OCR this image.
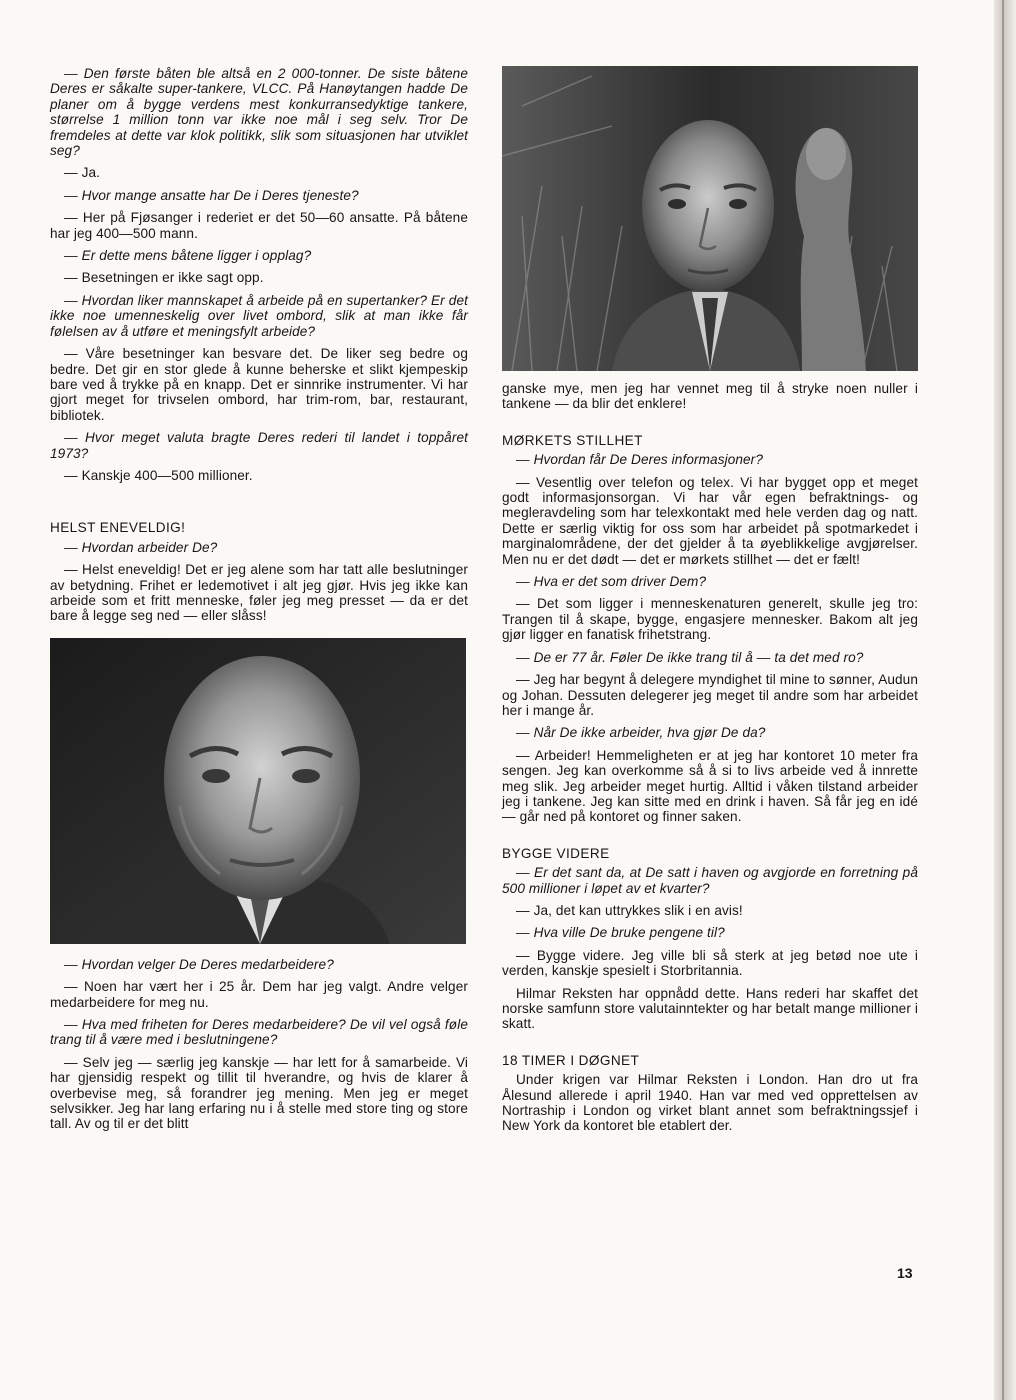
— Den første båten ble altså en 2 000-tonner. De siste båtene Deres er såkalte super-tankere, VLCC. På Hanøytangen hadde De planer om å bygge verdens mest konkurransedyktige tankere, størrelse 1 million tonn var ikke noe mål i seg selv. Tror De fremdeles at dette var klok politikk, slik som situasjonen har utviklet seg?

— Ja.

— Hvor mange ansatte har De i Deres tjeneste?

— Her på Fjøsanger i rederiet er det 50—60 ansatte. På båtene har jeg 400—500 mann.

— Er dette mens båtene ligger i opplag?

— Besetningen er ikke sagt opp.

— Hvordan liker mannskapet å arbeide på en supertanker? Er det ikke noe umenneskelig over livet ombord, slik at man ikke får følelsen av å utføre et meningsfylt arbeide?

— Våre besetninger kan besvare det. De liker seg bedre og bedre. Det gir en stor glede å kunne beherske et slikt kjempeskip bare ved å trykke på en knapp. Det er sinnrike instrumenter. Vi har gjort meget for trivselen ombord, har trim-rom, bar, restaurant, bibliotek.

— Hvor meget valuta bragte Deres rederi til landet i toppåret 1973?

— Kanskje 400—500 millioner.

HELST ENEVELDIG!

— Hvordan arbeider De?

— Helst eneveldig! Det er jeg alene som har tatt alle beslutninger av betydning. Frihet er ledemotivet i alt jeg gjør. Hvis jeg ikke kan arbeide som et fritt menneske, føler jeg meg presset — da er det bare å legge seg ned — eller slåss!

— Hvordan velger De Deres medarbeidere?

— Noen har vært her i 25 år. Dem har jeg valgt. Andre velger medarbeidere for meg nu.

— Hva med friheten for Deres medarbeidere? De vil vel også føle trang til å være med i beslutningene?

— Selv jeg — særlig jeg kanskje — har lett for å samarbeide. Vi har gjensidig respekt og tillit til hverandre, og hvis de klarer å overbevise meg, så forandrer jeg mening. Men jeg er meget selvsikker. Jeg har lang erfaring nu i å stelle med store ting og store tall. Av og til er det blitt

ganske mye, men jeg har vennet meg til å stryke noen nuller i tankene — da blir det enklere!

MØRKETS STILLHET

— Hvordan får De Deres informasjoner?

— Vesentlig over telefon og telex. Vi har bygget opp et meget godt informasjonsorgan. Vi har vår egen befraktnings- og megleravdeling som har telexkontakt med hele verden dag og natt. Dette er særlig viktig for oss som har arbeidet på spotmarkedet i marginalområdene, der det gjelder å ta øyeblikkelige avgjørelser. Men nu er det dødt — det er mørkets stillhet — det er fælt!

— Hva er det som driver Dem?

— Det som ligger i menneskenaturen generelt, skulle jeg tro: Trangen til å skape, bygge, engasjere mennesker. Bakom alt jeg gjør ligger en fanatisk frihetstrang.

— De er 77 år. Føler De ikke trang til å — ta det med ro?

— Jeg har begynt å delegere myndighet til mine to sønner, Audun og Johan. Dessuten delegerer jeg meget til andre som har arbeidet her i mange år.

— Når De ikke arbeider, hva gjør De da?

— Arbeider! Hemmeligheten er at jeg har kontoret 10 meter fra sengen. Jeg kan overkomme så å si to livs arbeide ved å innrette meg slik. Jeg arbeider meget hurtig. Alltid i våken tilstand arbeider jeg i tankene. Jeg kan sitte med en drink i haven. Så får jeg en idé — går ned på kontoret og finner saken.

BYGGE VIDERE

— Er det sant da, at De satt i haven og avgjorde en forretning på 500 millioner i løpet av et kvarter?

— Ja, det kan uttrykkes slik i en avis!

— Hva ville De bruke pengene til?

— Bygge videre. Jeg ville bli så sterk at jeg betød noe ute i verden, kanskje spesielt i Storbritannia.

Hilmar Reksten har oppnådd dette. Hans rederi har skaffet det norske samfunn store valutainntekter og har betalt mange millioner i skatt.

18 TIMER I DØGNET

Under krigen var Hilmar Reksten i London. Han dro ut fra Ålesund allerede i april 1940. Han var med ved opprettelsen av Nortraship i London og virket blant annet som befraktningssjef i New York da kontoret ble etablert der.

13
